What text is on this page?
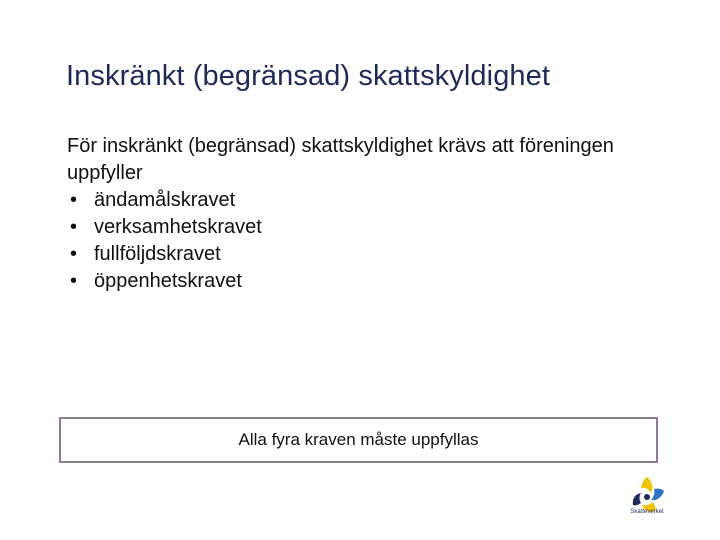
Inskränkt (begränsad) skattskyldighet

För inskränkt (begränsad) skattskyldighet krävs att föreningen uppfyller

• ändamålskravet
• verksamhetskravet
• fullföljdskravet
• öppenhetskravet
Alla fyra kraven måste uppfyllas
Skatteverket
